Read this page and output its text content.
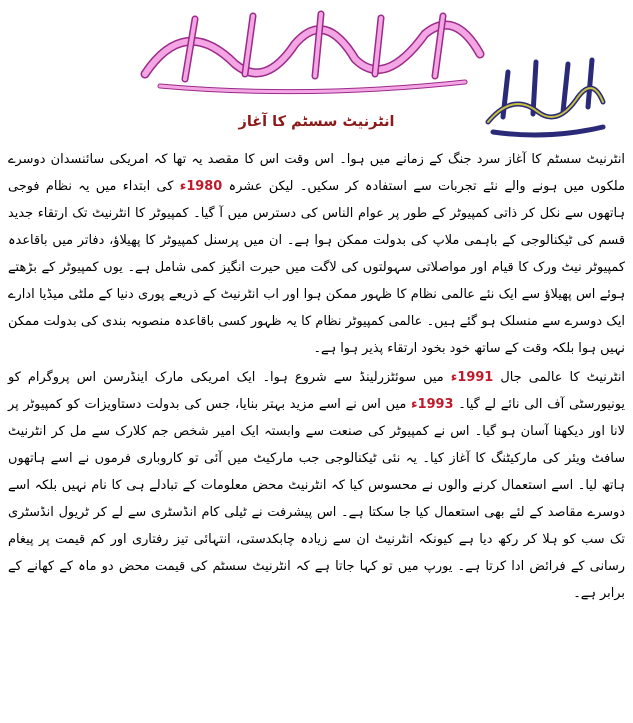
انٹرنیٹ سسٹم کا آغاز

انٹرنیٹ سسٹم کا آغاز سرد جنگ کے زمانے میں ہوا۔ اس وقت اس کا مقصد یہ تھا کہ امریکی سائنسدان دوسرے ملکوں میں ہونے والے نئے تجربات سے استفادہ کر سکیں۔ لیکن عشرہ 1980ء کی ابتداء میں یہ نظام فوجی ہاتھوں سے نکل کر ذاتی کمپیوٹر کے طور پر عوام الناس کی دسترس میں آ گیا۔ کمپیوٹر کا انٹرنیٹ تک ارتقاء جدید قسم کی ٹیکنالوجی کے باہمی ملاپ کی بدولت ممکن ہوا ہے۔ ان میں پرسنل کمپیوٹر کا پھیلاؤ، دفاتر میں باقاعدہ کمپیوٹر نیٹ ورک کا قیام اور مواصلاتی سہولتوں کی لاگت میں حیرت انگیز کمی شامل ہے۔ یوں کمپیوٹر کے بڑھتے ہوئے اس پھیلاؤ سے ایک نئے عالمی نظام کا ظہور ممکن ہوا اور اب انٹرنیٹ کے ذریعے پوری دنیا کے ملٹی میڈیا ادارے ایک دوسرے سے منسلک ہو گئے ہیں۔ عالمی کمپیوٹر نظام کا یہ ظہور کسی باقاعدہ منصوبہ بندی کی بدولت ممکن نہیں ہوا بلکہ وقت کے ساتھ خود بخود ارتقاء پذیر ہوا ہے۔

انٹرنیٹ کا عالمی جال 1991ء میں سوئٹزرلینڈ سے شروع ہوا۔ ایک امریکی مارک اینڈرسن اس پروگرام کو یونیورسٹی آف الی نائے لے گیا۔ 1993ء میں اس نے اسے مزید بہتر بنایا، جس کی بدولت دستاویزات کو کمپیوٹر پر لانا اور دیکھنا آسان ہو گیا۔ اس نے کمپیوٹر کی صنعت سے وابستہ ایک امیر شخص جم کلارک سے مل کر انٹرنیٹ سافٹ ویئر کی مارکیٹنگ کا آغاز کیا۔ یہ نئی ٹیکنالوجی جب مارکیٹ میں آئی تو کاروباری فرموں نے اسے ہاتھوں ہاتھ لیا۔ اسے استعمال کرنے والوں نے محسوس کیا کہ انٹرنیٹ محض معلومات کے تبادلے ہی کا نام نہیں بلکہ اسے دوسرے مقاصد کے لئے بھی استعمال کیا جا سکتا ہے۔ اس پیشرفت نے ٹیلی کام انڈسٹری سے لے کر ٹریول انڈسٹری تک سب کو ہلا کر رکھ دیا ہے کیونکہ انٹرنیٹ ان سے زیادہ چابکدستی، انتہائی تیز رفتاری اور کم قیمت پر پیغام رسانی کے فرائض ادا کرتا ہے۔ یورپ میں تو کہا جاتا ہے کہ انٹرنیٹ سسٹم کی قیمت محض دو ماہ کے کھانے کے برابر ہے۔
